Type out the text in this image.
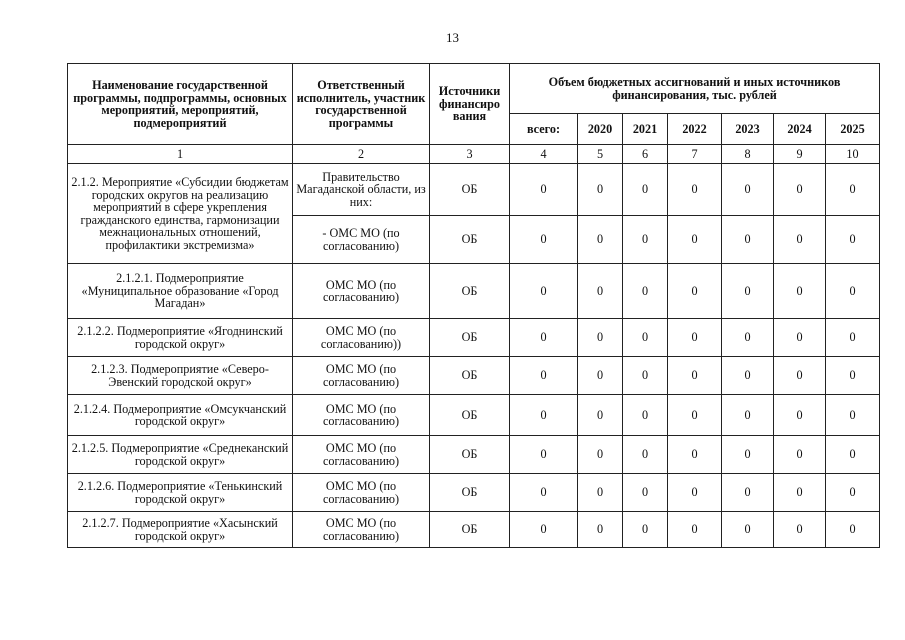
13
Наименование государственной программы, подпрограммы, основных мероприятий, мероприятий, подмероприятий	Ответственный исполнитель, участник государственной программы	Источники финансиро вания	Объем бюджетных ассигнований и иных источников финансирования, тыс. рублей						
			всего:	2020	2021	2022	2023	2024	2025
1	2	3	4	5	6	7	8	9	10
2.1.2. Мероприятие «Субсидии бюджетам городских округов на реализацию мероприятий в сфере укрепления гражданского единства, гармонизации межнациональных отношений, профилактики экстремизма»	Правительство Магаданской области, из них:	ОБ	0	0	0	0	0	0	0
	- ОМС МО (по согласованию)	ОБ	0	0	0	0	0	0	0
2.1.2.1. Подмероприятие «Муниципальное образование «Город Магадан»	ОМС МО (по согласованию)	ОБ	0	0	0	0	0	0	0
2.1.2.2. Подмероприятие «Ягоднинский городской округ»	ОМС МО (по согласованию))	ОБ	0	0	0	0	0	0	0
2.1.2.3. Подмероприятие «Северо-Эвенский городской округ»	ОМС МО (по согласованию)	ОБ	0	0	0	0	0	0	0
2.1.2.4. Подмероприятие «Омсукчанский городской округ»	ОМС МО (по согласованию)	ОБ	0	0	0	0	0	0	0
2.1.2.5. Подмероприятие «Среднеканский городской округ»	ОМС МО (по согласованию)	ОБ	0	0	0	0	0	0	0
2.1.2.6. Подмероприятие «Тенькинский городской округ»	ОМС МО (по согласованию)	ОБ	0	0	0	0	0	0	0
2.1.2.7. Подмероприятие «Хасынский городской округ»	ОМС МО (по согласованию)	ОБ	0	0	0	0	0	0	0
